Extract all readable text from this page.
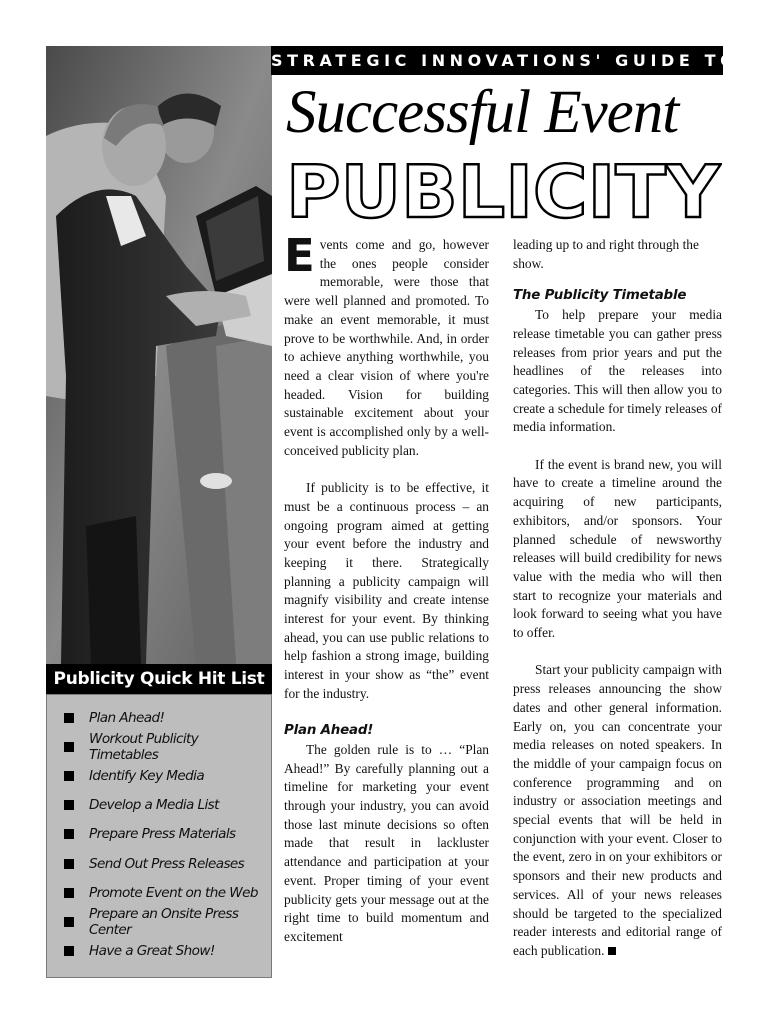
Publicity Quick Hit List
Plan Ahead!
Workout Publicity Timetables
Identify Key Media
Develop a Media List
Prepare Press Materials
Send Out Press Releases
Promote Event on the Web
Prepare an Onsite Press Center
Have a Great Show!
STRATEGIC INNOVATIONS' GUIDE TO
Successful Event
PUBLICITY

Events come and go, however the ones people consider memorable, were those that were well planned and promoted. To make an event memorable, it must prove to be worthwhile. And, in order to achieve anything worthwhile, you need a clear vision of where you're headed. Vision for building sustainable excitement about your event is accomplished only by a well-conceived publicity plan.

If publicity is to be effective, it must be a continuous process – an ongoing program aimed at getting your event before the industry and keeping it there. Strategically planning a publicity campaign will magnify visibility and create intense interest for your event. By thinking ahead, you can use public relations to help fashion a strong image, building interest in your show as “the” event for the industry.

Plan Ahead!

The golden rule is to … “Plan Ahead!” By carefully planning out a timeline for marketing your event through your industry, you can avoid those last minute decisions so often made that result in lackluster attendance and participation at your event. Proper timing of your event publicity gets your message out at the right time to build momentum and excitement

leading up to and right through the show.

The Publicity Timetable

To help prepare your media release timetable you can gather press releases from prior years and put the headlines of the releases into categories. This will then allow you to create a schedule for timely releases of media information.

If the event is brand new, you will have to create a timeline around the acquiring of new participants, exhibitors, and/or sponsors. Your planned schedule of newsworthy releases will build credibility for news value with the media who will then start to recognize your materials and look forward to seeing what you have to offer.

Start your publicity campaign with press releases announcing the show dates and other general information. Early on, you can concentrate your media releases on noted speakers. In the middle of your campaign focus on conference programming and on industry or association meetings and special events that will be held in conjunction with your event. Closer to the event, zero in on your exhibitors or sponsors and their new products and services. All of your news releases should be targeted to the specialized reader interests and editorial range of each publication.
